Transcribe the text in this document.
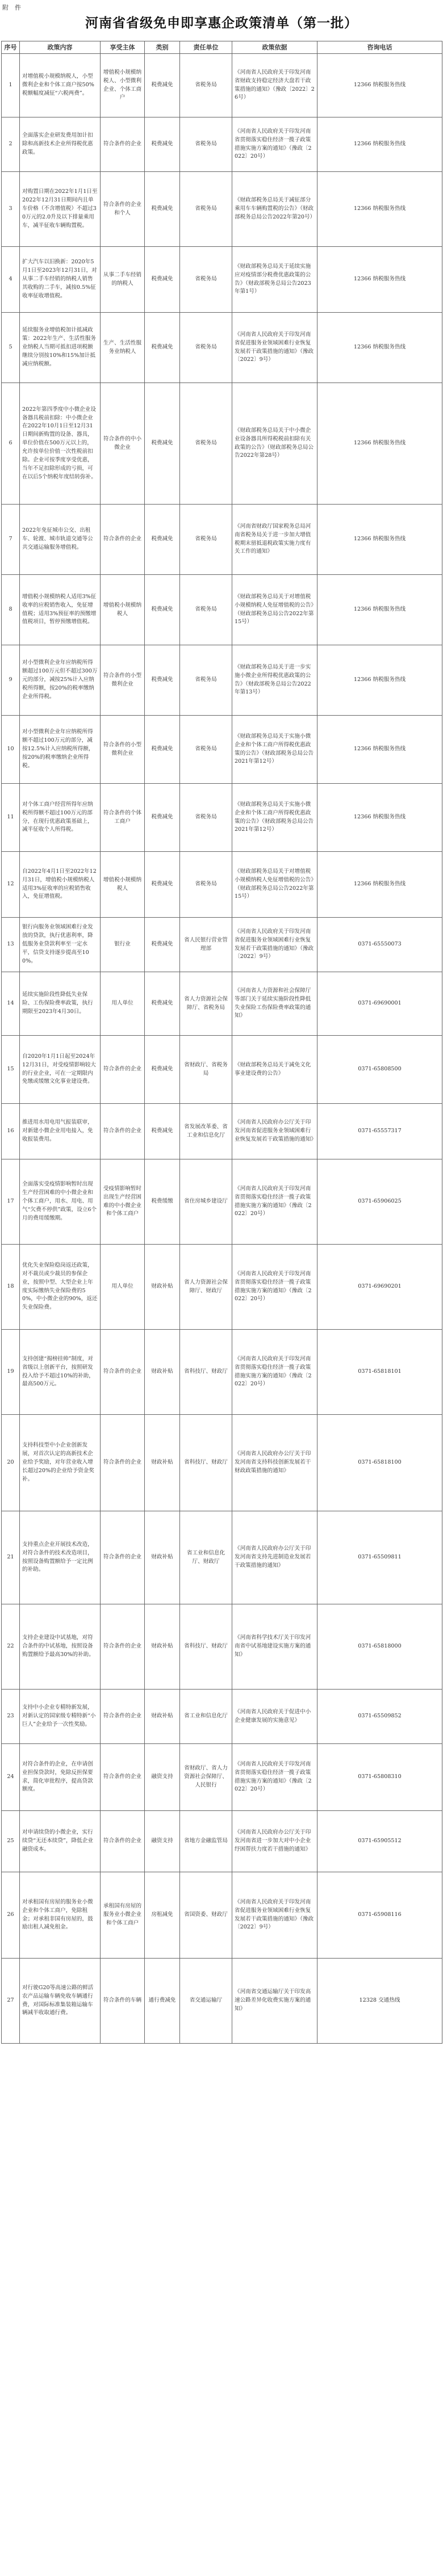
附　件
河南省省级免申即享惠企政策清单（第一批）
序号	政策内容	享受主体	类别	责任单位	政策依据	咨询电话
1	对增值税小规模纳税人，小型微利企业和个体工商户按50%税额幅度减征“六税两费”。	增值税小规模纳税人、小型微利企业、个体工商户	税费减免	省税务局	《河南省人民政府关于印发河南省财政支持稳定经济大盘若干政策措施的通知》（豫政〔2022〕26号）	12366 纳税服务热线
2	全面落实企业研发费用加计扣除和高新技术企业所得税优惠政策。	符合条件的企业	税费减免	省税务局	《河南省人民政府关于印发河南省贯彻落实稳住经济一揽子政策措施实施方案的通知》（豫政〔2022〕20号）	12366 纳税服务热线
3	对购置日期在2022年1月1日至2022年12月31日期间内且单车价格（不含增值税）不超过30万元的2.0升及以下排量乘用车，减半征收车辆购置税。	符合条件的企业和个人	税费减免	省税务局	《财政部税务总局关于减征部分乘用车车辆购置税的公告》（财政部税务总局公告2022年第20号）	12366 纳税服务热线
4	扩大汽车以旧换新：2020年5月1日至2023年12月31日，对从事二手车经销的纳税人销售其收购的二手车，减按0.5%征收率征收增值税。	从事二手车经销的纳税人	税费减免	省税务局	《财政部税务总局关于延续实施应对疫情部分税费优惠政策的公告》（财政部税务总局公告2023年第1号）	12366 纳税服务热线
5	延续服务业增值税加计抵减政策：2022年生产、生活性服务业纳税人当期可抵扣进项税额继续分别按10%和15%加计抵减应纳税额。	生产、生活性服务业纳税人	税费减免	省税务局	《河南省人民政府关于印发河南省促进服务业领域困难行业恢复发展若干政策措施的通知》（豫政〔2022〕9号）	12366 纳税服务热线
6	2022年第四季度中小微企业设备器具税前扣除：中小微企业在2022年10月1日至12月31日期间新购置的设备、器具，单位价值在500万元以上的，允许按单位价值一次性税前扣除。企业可按季度享受优惠，当年不足扣除形成的亏损，可在以后5个纳税年度结转弥补。	符合条件的中小微企业	税费减免	省税务局	《财政部税务总局关于中小微企业设备器具所得税税前扣除有关政策的公告》（财政部税务总局公告2022年第28号）	12366 纳税服务热线
7	2022年免征城市公交、出租车、轮渡、城市轨道交通等公共交通运输服务增值税。	符合条件的企业	税费减免	省税务局	《河南省财政厅国家税务总局河南省税务局关于进一步加大增值税期末留抵退税政策实施力度有关工作的通知》	12366 纳税服务热线
8	增值税小规模纳税人适用3%征收率的应税销售收入，免征增值税；适用3%预征率的预缴增值税项目，暂停预缴增值税。	增值税小规模纳税人	税费减免	省税务局	《财政部税务总局关于对增值税小规模纳税人免征增值税的公告》（财政部税务总局公告2022年第15号）	12366 纳税服务热线
9	对小型微利企业年应纳税所得额超过100万元但不超过300万元的部分，减按25%计入应纳税所得额，按20%的税率缴纳企业所得税。	符合条件的小型微利企业	税费减免	省税务局	《财政部税务总局关于进一步实施小微企业所得税优惠政策的公告》（财政部税务总局公告2022年第13号）	12366 纳税服务热线
10	对小型微利企业年应纳税所得额不超过100万元的部分，减按12.5%计入应纳税所得额，按20%的税率缴纳企业所得税。	符合条件的小型微利企业	税费减免	省税务局	《财政部税务总局关于实施小微企业和个体工商户所得税优惠政策的公告》（财政部税务总局公告2021年第12号）	12366 纳税服务热线
11	对个体工商户经营所得年应纳税所得额不超过100万元的部分，在现行优惠政策基础上，减半征收个人所得税。	符合条件的个体工商户	税费减免	省税务局	《财政部税务总局关于实施小微企业和个体工商户所得税优惠政策的公告》（财政部税务总局公告2021年第12号）	12366 纳税服务热线
12	自2022年4月1日至2022年12月31日，增值税小规模纳税人适用3%征收率的应税销售收入，免征增值税。	增值税小规模纳税人	税费减免	省税务局	《财政部税务总局关于对增值税小规模纳税人免征增值税的公告》（财政部税务总局公告2022年第15号）	12366 纳税服务热线
13	银行向服务业领域困难行业发放的贷款，执行优惠利率，降低服务业贷款利率至一定水平，信贷支持逐步提高至100%。	银行业	税费减免	省人民银行营业管理部	《河南省人民政府关于印发河南省促进服务业领域困难行业恢复发展若干政策措施的通知》（豫政〔2022〕9号）	0371-65550073
14	延续实施阶段性降低失业保险、工伤保险费率政策，执行期限至2023年4月30日。	用人单位	税费减免	省人力资源社会保障厅、省税务局	《河南省人力资源和社会保障厅等部门关于延续实施阶段性降低失业保险工伤保险费率政策的通知》	0371-69690001
15	自2020年1月1日起至2024年12月31日，对受疫情影响较大的行业企业，可在一定期限内免缴或缓缴文化事业建设费。	符合条件的企业	税费减免	省财政厅、省税务局	《财政部税务总局关于减免文化事业建设费的公告》	0371-65808500
16	推进用水用电用气报装联审，对新建小微企业用电接入，免收报装费用。	符合条件的企业	税费减免	省发展改革委、省工业和信息化厅	《河南省人民政府办公厅关于印发河南省促进服务业领域困难行业恢复发展若干政策措施的通知》	0371-65557317
17	全面落实受疫情影响暂时出现生产经营困难的中小微企业和个体工商户，用水、用电、用气“欠费不停供”政策，设立6个月的费用缓缴期。	受疫情影响暂时出现生产经营困难的中小微企业和个体工商户	税费缓缴	省住房城乡建设厅	《河南省人民政府关于印发河南省贯彻落实稳住经济一揽子政策措施实施方案的通知》（豫政〔2022〕20号）	0371-65906025
18	优化失业保险稳岗返还政策，对不裁员或少裁员的参保企业，按照中型、大型企业上年度实际缴纳失业保险费的50%，中小微企业的90%，返还失业保险费。	用人单位	财政补贴	省人力资源社会保障厅、财政厅	《河南省人民政府关于印发河南省贯彻落实稳住经济一揽子政策措施实施方案的通知》（豫政〔2022〕20号）	0371-69690201
19	支持创建“揭榜挂帅”制度，对省级以上创新平台，按照研发投入给予不超过10%的补助，最高500万元。	符合条件的企业	财政补贴	省科技厅、财政厅	《河南省人民政府关于印发河南省贯彻落实稳住经济一揽子政策措施实施方案的通知》（豫政〔2022〕20号）	0371-65818101
20	支持科技型中小企业创新发展，对首次认定的高新技术企业给予奖励，对年营业收入增长超过20%的企业给予资金奖补。	符合条件的企业	财政补贴	省科技厅、财政厅	《河南省人民政府办公厅关于印发河南省支持科技创新发展若干财政政策措施的通知》	0371-65818100
21	支持重点企业开展技术改造，对符合条件的技术改造项目，按照设备购置额给予一定比例的补助。	符合条件的企业	财政补贴	省工业和信息化厅、财政厅	《河南省人民政府办公厅关于印发河南省支持先进制造业发展若干政策措施的通知》	0371-65509811
22	支持企业建设中试基地，对符合条件的中试基地，按照设备购置额给予最高30%的补助。	符合条件的企业	财政补贴	省科技厅、财政厅	《河南省科学技术厅关于印发河南省中试基地建设实施方案的通知》	0371-65818000
23	支持中小企业专精特新发展，对新认定的国家级专精特新“小巨人”企业给予一次性奖励。	符合条件的企业	财政补贴	省工业和信息化厅	《河南省人民政府关于促进中小企业健康发展的实施意见》	0371-65509852
24	对符合条件的企业，在申请创业担保贷款时，免除反担保要求，简化审批程序，提高贷款额度。	符合条件的企业	融资支持	省财政厅、省人力资源社会保障厅、人民银行	《河南省人民政府关于印发河南省贯彻落实稳住经济一揽子政策措施实施方案的通知》（豫政〔2022〕20号）	0371-65808310
25	对申请续贷的小微企业，实行续贷“无还本续贷”，降低企业融资成本。	符合条件的企业	融资支持	省地方金融监管局	《河南省人民政府办公厅关于印发河南省进一步加大对中小企业纾困帮扶力度若干措施的通知》	0371-65905512
26	对承租国有房屋的服务业小微企业和个体工商户，免除租金；对承租非国有房屋的，鼓励出租人减免租金。	承租国有房屋的服务业小微企业和个体工商户	房租减免	省国资委、财政厅	《河南省人民政府关于印发河南省促进服务业领域困难行业恢复发展若干政策措施的通知》（豫政〔2022〕9号）	0371-65908116
27	对行驶G20等高速公路的鲜活农产品运输车辆免收车辆通行费，对国际标准集装箱运输车辆减半收取通行费。	符合条件的车辆	通行费减免	省交通运输厅	《河南省交通运输厅关于印发高速公路差异化收费实施方案的通知》	12328 交通热线
